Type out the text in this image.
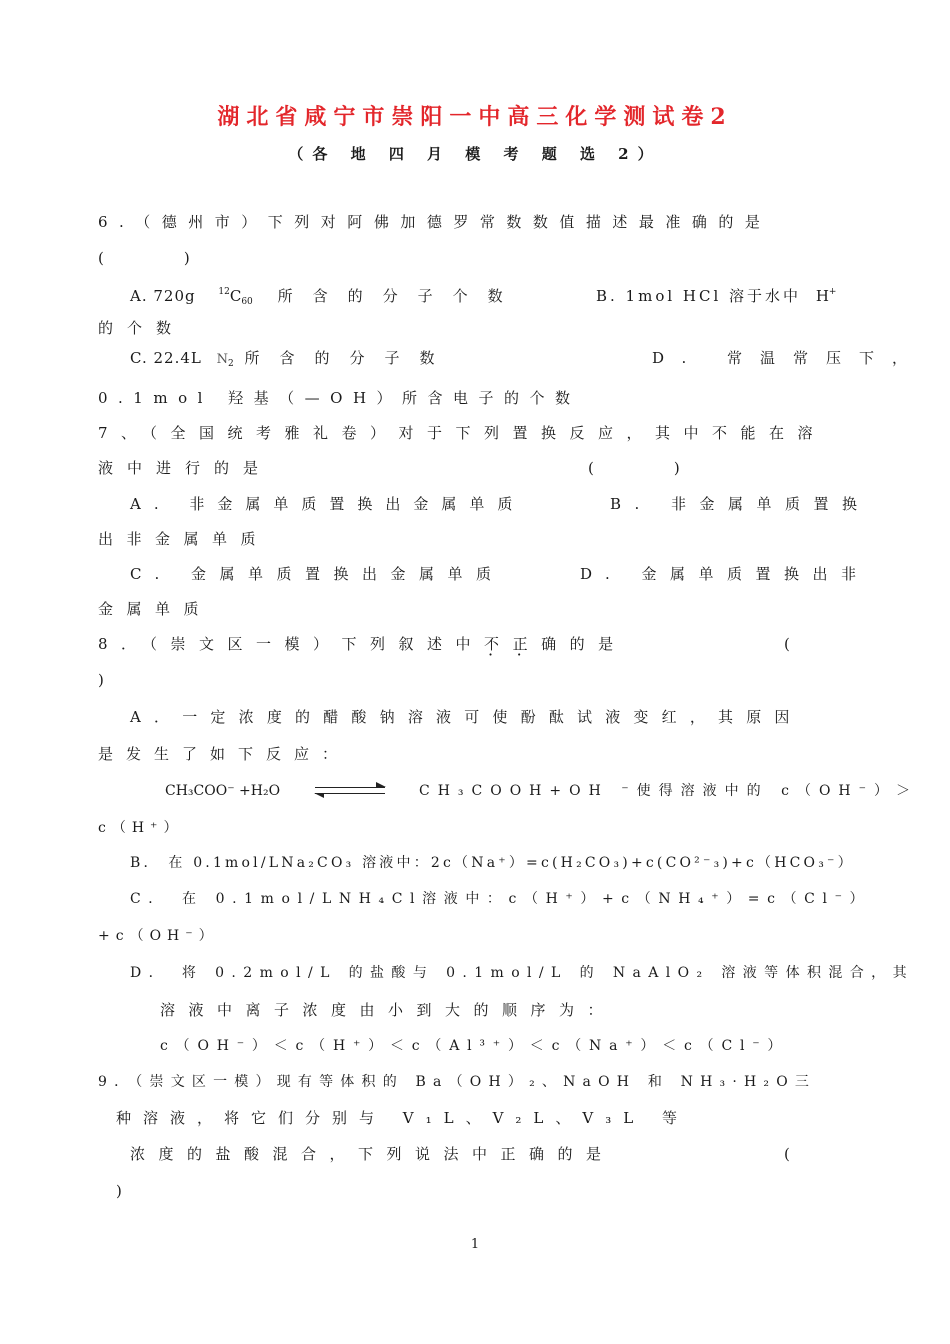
湖北省咸宁市崇阳一中高三化学测试卷2
（各 地 四 月 模 考 题 选 2）
6.（德州市）下列对阿佛加德罗常数数值描述最准确的是
(　　　　)
A. 720g	$^{12}C_{60}$ 所含的分子个数	B. 1mol HCl 溶于水中 H+
的个数
C. 22.4L $N_2$ 所含的分子数	D. 常温常压下，
0.1mol 羟基（—OH）所含电子的个数
7、（全国统考雅礼卷）对于下列置换反应，其中不能在溶
液中进行的是	(　　　　)
A. 非金属单质置换出金属单质	B. 非金属单质置换
出非金属单质
C. 金属单质置换出金属单质	D. 金属单质置换出非
金属单质
8．（崇文区一模）下列叙述中不正确的是	(
)
A．一定浓度的醋酸钠溶液可使酚酞试液变红，其原因
是发生了如下反应：
CH₃COO⁻ +H₂O	CH₃COOH+OH ⁻使得溶液中的 c（OH⁻）＞
c（H⁺）
B． 在 0.1mol/LNa₂CO₃ 溶液中：2c（Na⁺）=c(H₂CO₃)+c(CO²⁻₃)+c（HCO₃⁻）
C． 在 0.1mol/LNH₄Cl溶液中：c（H⁺）+c（NH₄⁺）=c（Cl⁻）
+c（OH⁻）
D． 将 0.2mol/L 的盐酸与 0.1mol/L 的 NaAlO₂ 溶液等体积混合，其
溶液中离子浓度由小到大的顺序为：
c（OH⁻）＜c（H⁺）＜c（Al³⁺）＜c（Na⁺）＜c（Cl⁻）
9．（崇文区一模）现有等体积的 Ba（OH）₂、NaOH 和 NH₃·H₂O三
种溶液，将它们分别与 V₁L、V₂L、V₃L 等
浓度的盐酸混合，下列说法中正确的是	(
)
1
